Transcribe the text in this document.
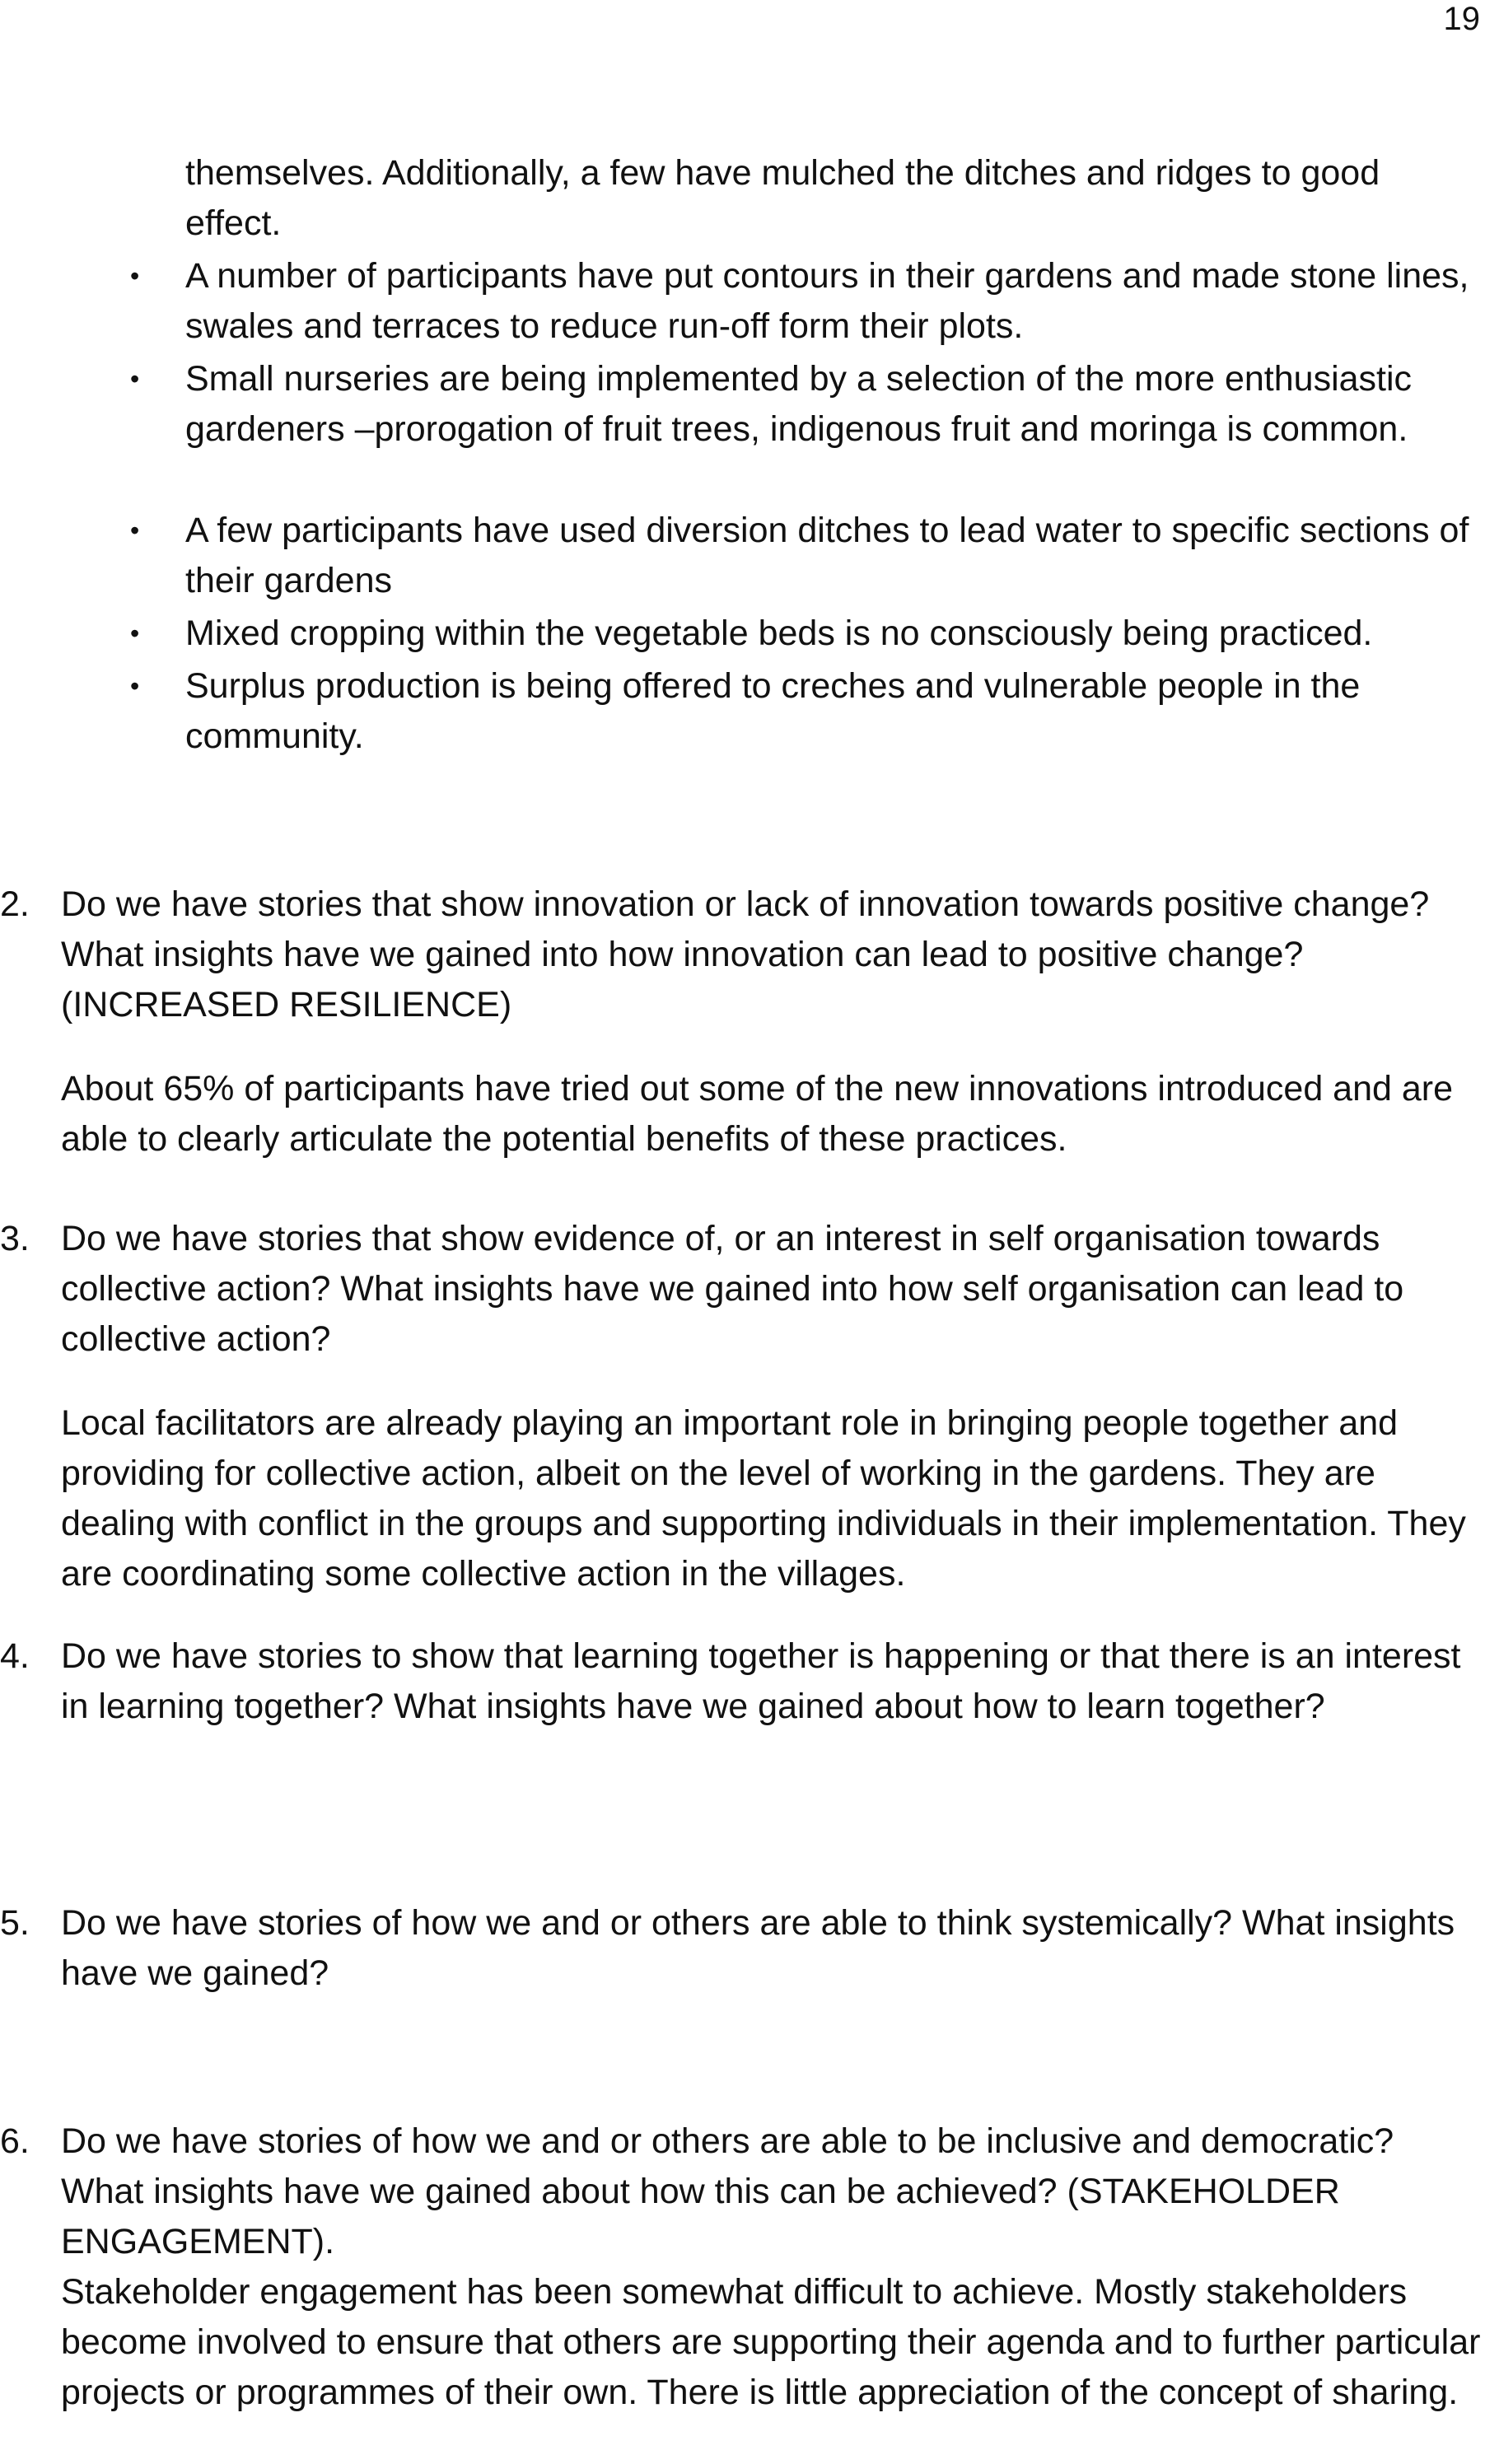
19

themselves. Additionally, a few have mulched the ditches and ridges to good effect.

• A number of participants have put contours in their gardens and made stone lines, swales and terraces to reduce run-off form their plots.
• Small nurseries are being implemented by a selection of the more enthusiastic gardeners –prorogation of fruit trees, indigenous fruit and moringa is common.
• A few participants have used diversion ditches to lead water to specific sections of their gardens
• Mixed cropping within the vegetable beds is no consciously being practiced.
• Surplus production is being offered to creches and vulnerable people in the community.
2. Do we have stories that show innovation or lack of innovation towards positive change? What insights have we gained into how innovation can lead to positive change?(INCREASED RESILIENCE)
About 65% of participants have tried out some of the new innovations introduced and are able to clearly articulate the potential benefits of these practices.
3. Do we have stories that show evidence of, or an interest in self organisation towards collective action? What insights have we gained into how self organisation can lead to collective action?
Local facilitators are already playing an important role in bringing people together and providing for collective action, albeit on the level of working in the gardens. They are dealing with conflict in the groups and supporting individuals in their implementation. They are coordinating some collective action in the villages.
4. Do we have stories to show that learning together is happening or that there is an interest in learning together? What insights have we gained about how to learn together?
5. Do we have stories of how we and or others are able to think systemically? What insights have we gained?
6. Do we have stories of how we and or others are able to be inclusive and democratic? What insights have we gained about how this can be achieved? (STAKEHOLDER ENGAGEMENT).
Stakeholder engagement has been somewhat difficult to achieve. Mostly stakeholders become involved to ensure that others are supporting their agenda and to further particular projects or programmes of their own. There is little appreciation of the concept of sharing.
